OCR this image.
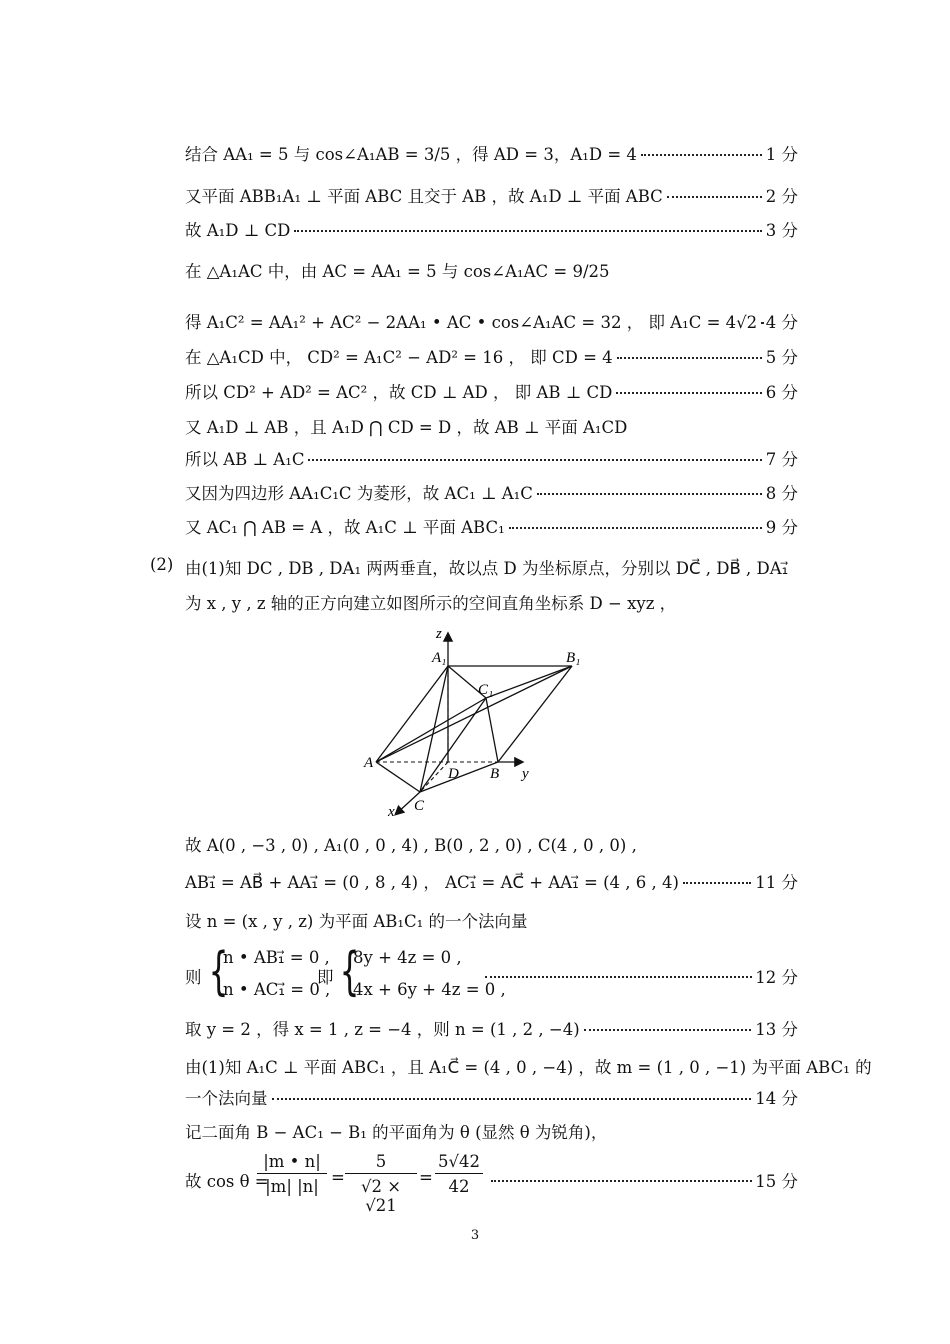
结合 AA₁ = 5 与 cos∠A₁AB = 3/5 ，得 AD = 3，A₁D = 4	1 分
又平面 ABB₁A₁ ⊥ 平面 ABC 且交于 AB ，故 A₁D ⊥ 平面 ABC	2 分
故 A₁D ⊥ CD	3 分
在 △A₁AC 中，由 AC = AA₁ = 5 与 cos∠A₁AC = 9/25
得 A₁C² = AA₁² + AC² − 2AA₁ • AC • cos∠A₁AC = 32 ， 即 A₁C = 4√2 4 分
在 △A₁CD 中， CD² = A₁C² − AD² = 16 ， 即 CD = 4	5 分
所以 CD² + AD² = AC² ，故 CD ⊥ AD ， 即 AB ⊥ CD	6 分
又 A₁D ⊥ AB ，且 A₁D ⋂ CD = D ，故 AB ⊥ 平面 A₁CD
所以 AB ⊥ A₁C	7 分
又因为四边形 AA₁C₁C 为菱形，故 AC₁ ⊥ A₁C	8 分
又 AC₁ ⋂ AB = A ，故 A₁C ⊥ 平面 ABC₁	9 分
(2) 由(1)知 DC , DB , DA₁ 两两垂直，故以点 D 为坐标原点，分别以 DC⃗ , DB⃗ , DA₁⃗
为 x , y , z 轴的正方向建立如图所示的空间直角坐标系 D − xyz ，
z
A₁	B₁
C₁
A
D B y
x C
故 A(0 , −3 , 0) , A₁(0 , 0 , 4) , B(0 , 2 , 0) , C(4 , 0 , 0) ,
AB₁⃗ = AB⃗ + AA₁⃗ = (0 , 8 , 4) ， AC₁⃗ = AC⃗ + AA₁⃗ = (4 , 6 , 4)	11 分
设 n = (x , y , z) 为平面 AB₁C₁ 的一个法向量
则 {
n • AB₁⃗ = 0 ,
n • AC₁⃗ = 0 ,
即 {
8y + 4z = 0 ,
4x + 6y + 4z = 0 ,
12 分
取 y = 2 ，得 x = 1 , z = −4 ，则 n = (1 , 2 , −4)	13 分
由(1)知 A₁C ⊥ 平面 ABC₁ ，且 A₁C⃗ = (4 , 0 , −4) ，故 m = (1 , 0 , −1) 为平面 ABC₁ 的
一个法向量	14 分
记二面角 B − AC₁ − B₁ 的平面角为 θ (显然 θ 为锐角)，
故 cos θ =
$\frac{|m • n|}{|m| |n|} = \frac{5}{√2 \times √21} = \frac{5√42}{42}$	15 分
3
